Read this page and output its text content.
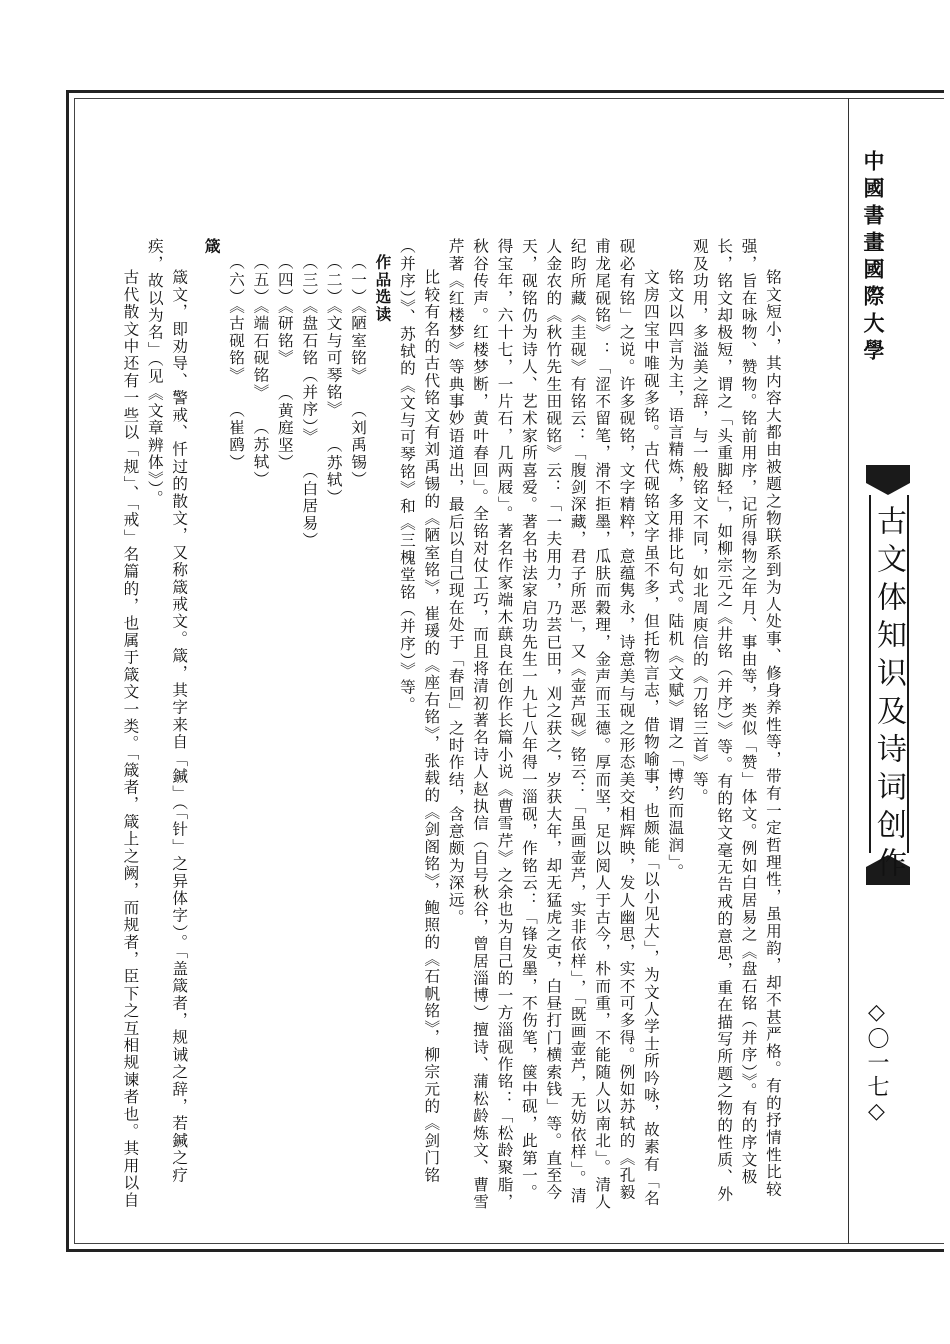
中國書畫國際大學
古文体知识及诗词创作
◇〇一七◇

铭文短小，其内容大都由被题之物联系到为人处事、修身养性等，带有一定哲理性，虽用韵，却不甚严格。有的抒情性比较强，旨在咏物、赞物。铭前用序，记所得物之年月、事由等，类似「赞」体文。例如白居易之《盘石铭（并序）》。有的序文极长，铭文却极短，谓之「头重脚轻」，如柳宗元之《井铭（并序）》等。有的铭文毫无告戒的意思，重在描写所题之物的性质、外观及功用，多溢美之辞，与一般铭文不同，如北周庾信的《刀铭三首》等。

铭文以四言为主，语言精炼，多用排比句式。陆机《文赋》谓之「博约而温润」。

文房四宝中唯砚多铭。古代砚铭文字虽不多，但托物言志，借物喻事，也颇能「以小见大」，为文人学士所吟咏，故素有「名砚必有铭」之说。许多砚铭，文字精粹，意蕴隽永，诗意美与砚之形态美交相辉映，发人幽思，实不可多得。例如苏轼的《孔毅甫龙尾砚铭》：「涩不留笔，滑不拒墨，瓜肤而穀理，金声而玉德。厚而坚，足以阅人于古今，朴而重，不能随人以南北」。清人纪昀所藏《圭砚》有铭云：「腹剑深藏，君子所恶」，又《壶芦砚》铭云：「虽画壶芦，实非依样」，「既画壶芦，无妨依样」。清人金农的《秋竹先生田砚铭》云：「一夫用力，乃芸已田，刈之获之，岁获大年，却无猛虎之吏，白昼打门横索钱」等。直至今天，砚铭仍为诗人、艺术家所喜爱。著名书法家启功先生一九七八年得一淄砚，作铭云：「锋发墨，不伤笔，箧中砚，此第一。得宝年，六十七，一片石，几两屐」。著名作家端木蕻良在创作长篇小说《曹雪芹》之余也为自己的一方淄砚作铭：「松龄聚脂，秋谷传声。红楼梦断，黄叶春回」。全铭对仗工巧，而且将清初著名诗人赵执信（自号秋谷，曾居淄博）擅诗、蒲松龄炼文、曹雪芹著《红楼梦》等典事妙语道出，最后以自己现在处于「春回」之时作结，含意颇为深远。

比较有名的古代铭文有刘禹锡的《陋室铭》，崔瑗的《座右铭》，张载的《剑阁铭》，鲍照的《石帆铭》，柳宗元的《剑门铭（并序）》、苏轼的《文与可琴铭》和《三槐堂铭（并序）》等。

作品选读
（一）《陋室铭》（刘禹锡）
（二）《文与可琴铭》（苏轼）
（三）《盘石铭（并序）》（白居易）
（四）《研铭》（黄庭坚）
（五）《端石砚铭》（苏轼）
（六）《古砚铭》（崔鸥）
箴

箴文，即劝导、警戒、忏过的散文，又称箴戒文。箴，其字来自「鍼」（「针」之异体字）。「盖箴者，规诫之辞，若鍼之疗疾，故以为名」（见《文章辨体》）。

古代散文中还有一些以「规」、「戒」名篇的，也属于箴文一类。「箴者，箴上之阙，而规者，臣下之互相规谏者也。其用以自
